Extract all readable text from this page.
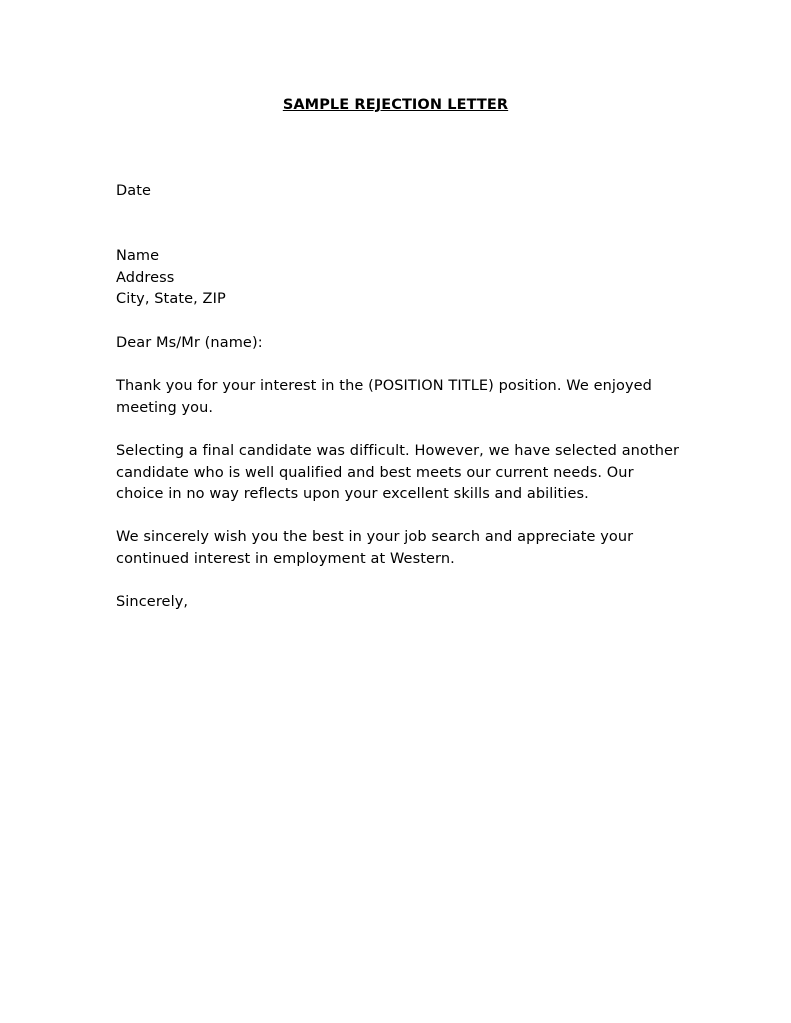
SAMPLE REJECTION LETTER
Date
Name
Address
City, State, ZIP
Dear Ms/Mr (name):
Thank you for your interest in the (POSITION TITLE) position. We enjoyed
meeting you.
Selecting a final candidate was difficult. However, we have selected another
candidate who is well qualified and best meets our current needs. Our
choice in no way reflects upon your excellent skills and abilities.
We sincerely wish you the best in your job search and appreciate your
continued interest in employment at Western.
Sincerely,
